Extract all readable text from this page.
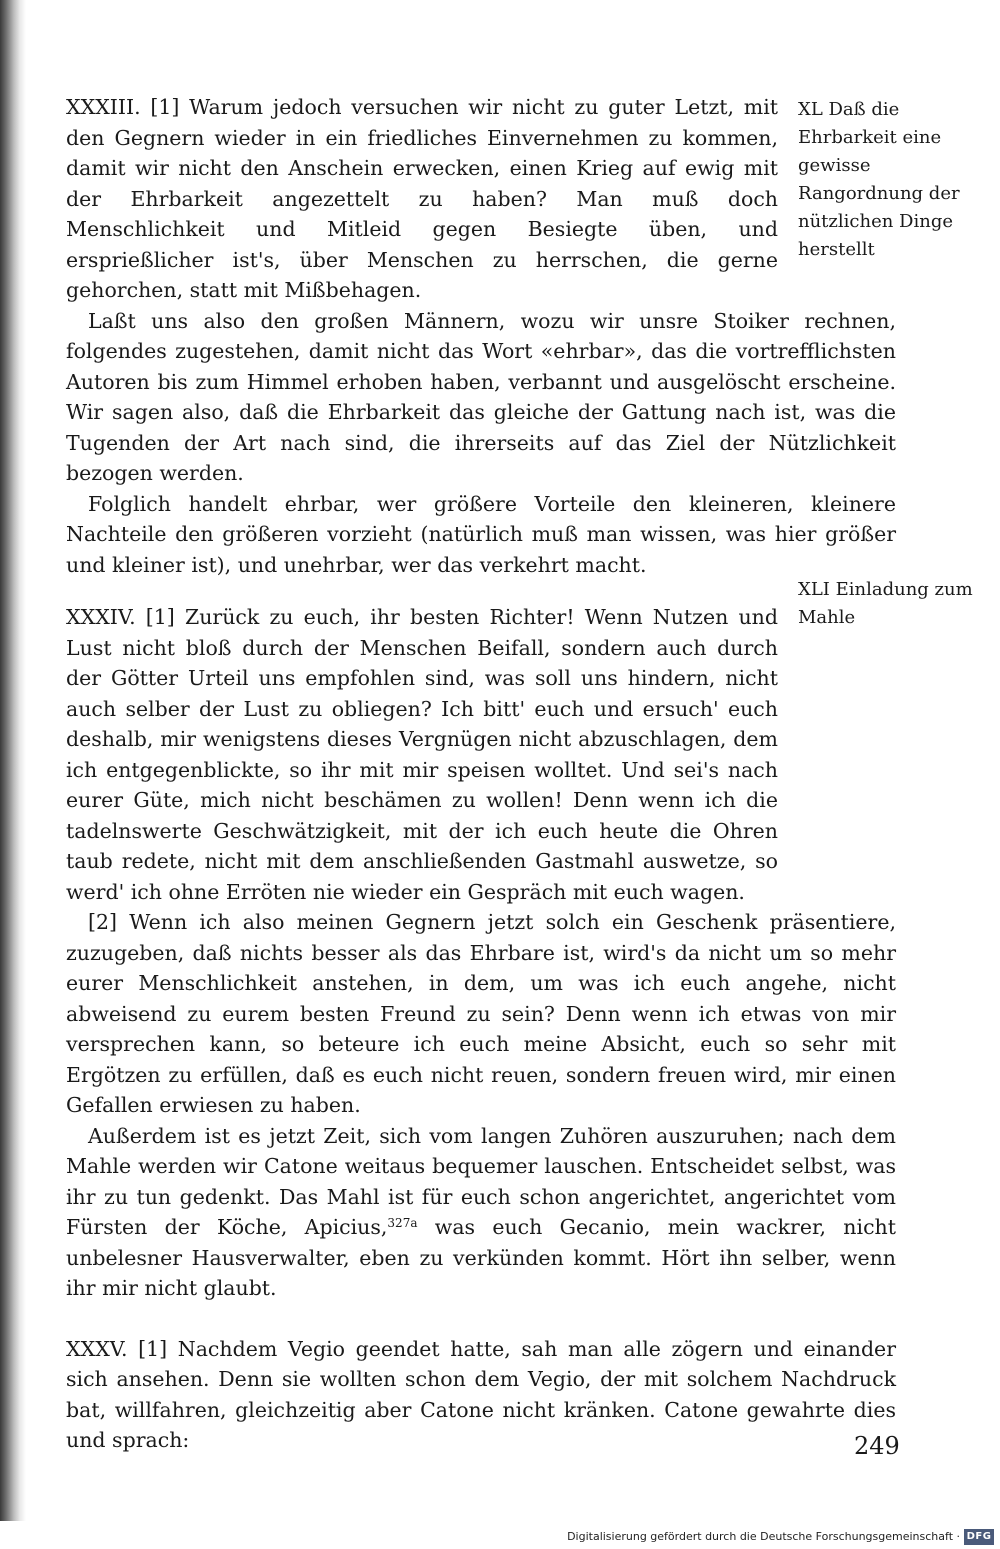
XXXIII. [1] Warum jedoch versuchen wir nicht zu guter Letzt, mit den Gegnern wieder in ein friedliches Einvernehmen zu kommen, damit wir nicht den Anschein erwecken, einen Krieg auf ewig mit der Ehrbarkeit angezettelt zu haben? Man muß doch Menschlichkeit und Mitleid gegen Besiegte üben, und ersprießlicher ist's, über Menschen zu herrschen, die gerne gehorchen, statt mit Mißbehagen.

Laßt uns also den großen Männern, wozu wir unsre Stoiker rechnen, folgendes zugestehen, damit nicht das Wort «ehrbar», das die vortrefflichsten Autoren bis zum Himmel erhoben haben, verbannt und ausgelöscht erscheine. Wir sagen also, daß die Ehrbarkeit das gleiche der Gattung nach ist, was die Tugenden der Art nach sind, die ihrerseits auf das Ziel der Nützlichkeit bezogen werden.

Folglich handelt ehrbar, wer größere Vorteile den kleineren, kleinere Nachteile den größeren vorzieht (natürlich muß man wissen, was hier größer und kleiner ist), und unehrbar, wer das verkehrt macht.

XXXIV. [1] Zurück zu euch, ihr besten Richter! Wenn Nutzen und Lust nicht bloß durch der Menschen Beifall, sondern auch durch der Götter Urteil uns empfohlen sind, was soll uns hindern, nicht auch selber der Lust zu obliegen? Ich bitt' euch und ersuch' euch deshalb, mir wenigstens dieses Vergnügen nicht abzuschlagen, dem ich entgegenblickte, so ihr mit mir speisen wolltet. Und sei's nach eurer Güte, mich nicht beschämen zu wollen! Denn wenn ich die tadelnswerte Geschwätzigkeit, mit der ich euch heute die Ohren taub redete, nicht mit dem anschließenden Gastmahl auswetze, so werd' ich ohne Erröten nie wieder ein Gespräch mit euch wagen.

[2] Wenn ich also meinen Gegnern jetzt solch ein Geschenk präsentiere, zuzugeben, daß nichts besser als das Ehrbare ist, wird's da nicht um so mehr eurer Menschlichkeit anstehen, in dem, um was ich euch angehe, nicht abweisend zu eurem besten Freund zu sein? Denn wenn ich etwas von mir versprechen kann, so beteure ich euch meine Absicht, euch so sehr mit Ergötzen zu erfüllen, daß es euch nicht reuen, sondern freuen wird, mir einen Gefallen erwiesen zu haben.

Außerdem ist es jetzt Zeit, sich vom langen Zuhören auszuruhen; nach dem Mahle werden wir Catone weitaus bequemer lauschen. Entscheidet selbst, was ihr zu tun gedenkt. Das Mahl ist für euch schon angerichtet, angerichtet vom Fürsten der Köche, Apicius,$^{327a}$ was euch Gecanio, mein wackrer, nicht unbelesner Hausverwalter, eben zu verkünden kommt. Hört ihn selber, wenn ihr mir nicht glaubt.

XXXV. [1] Nachdem Vegio geendet hatte, sah man alle zögern und einander sich ansehen. Denn sie wollten schon dem Vegio, der mit solchem Nachdruck bat, willfahren, gleichzeitig aber Catone nicht kränken. Catone gewahrte dies und sprach:

XL Daß die Ehrbarkeit eine gewisse Rangordnung der nützlichen Dinge herstellt
XLI Einladung zum Mahle
249
Digitalisierung gefördert durch die Deutsche Forschungsgemeinschaft · DFG
